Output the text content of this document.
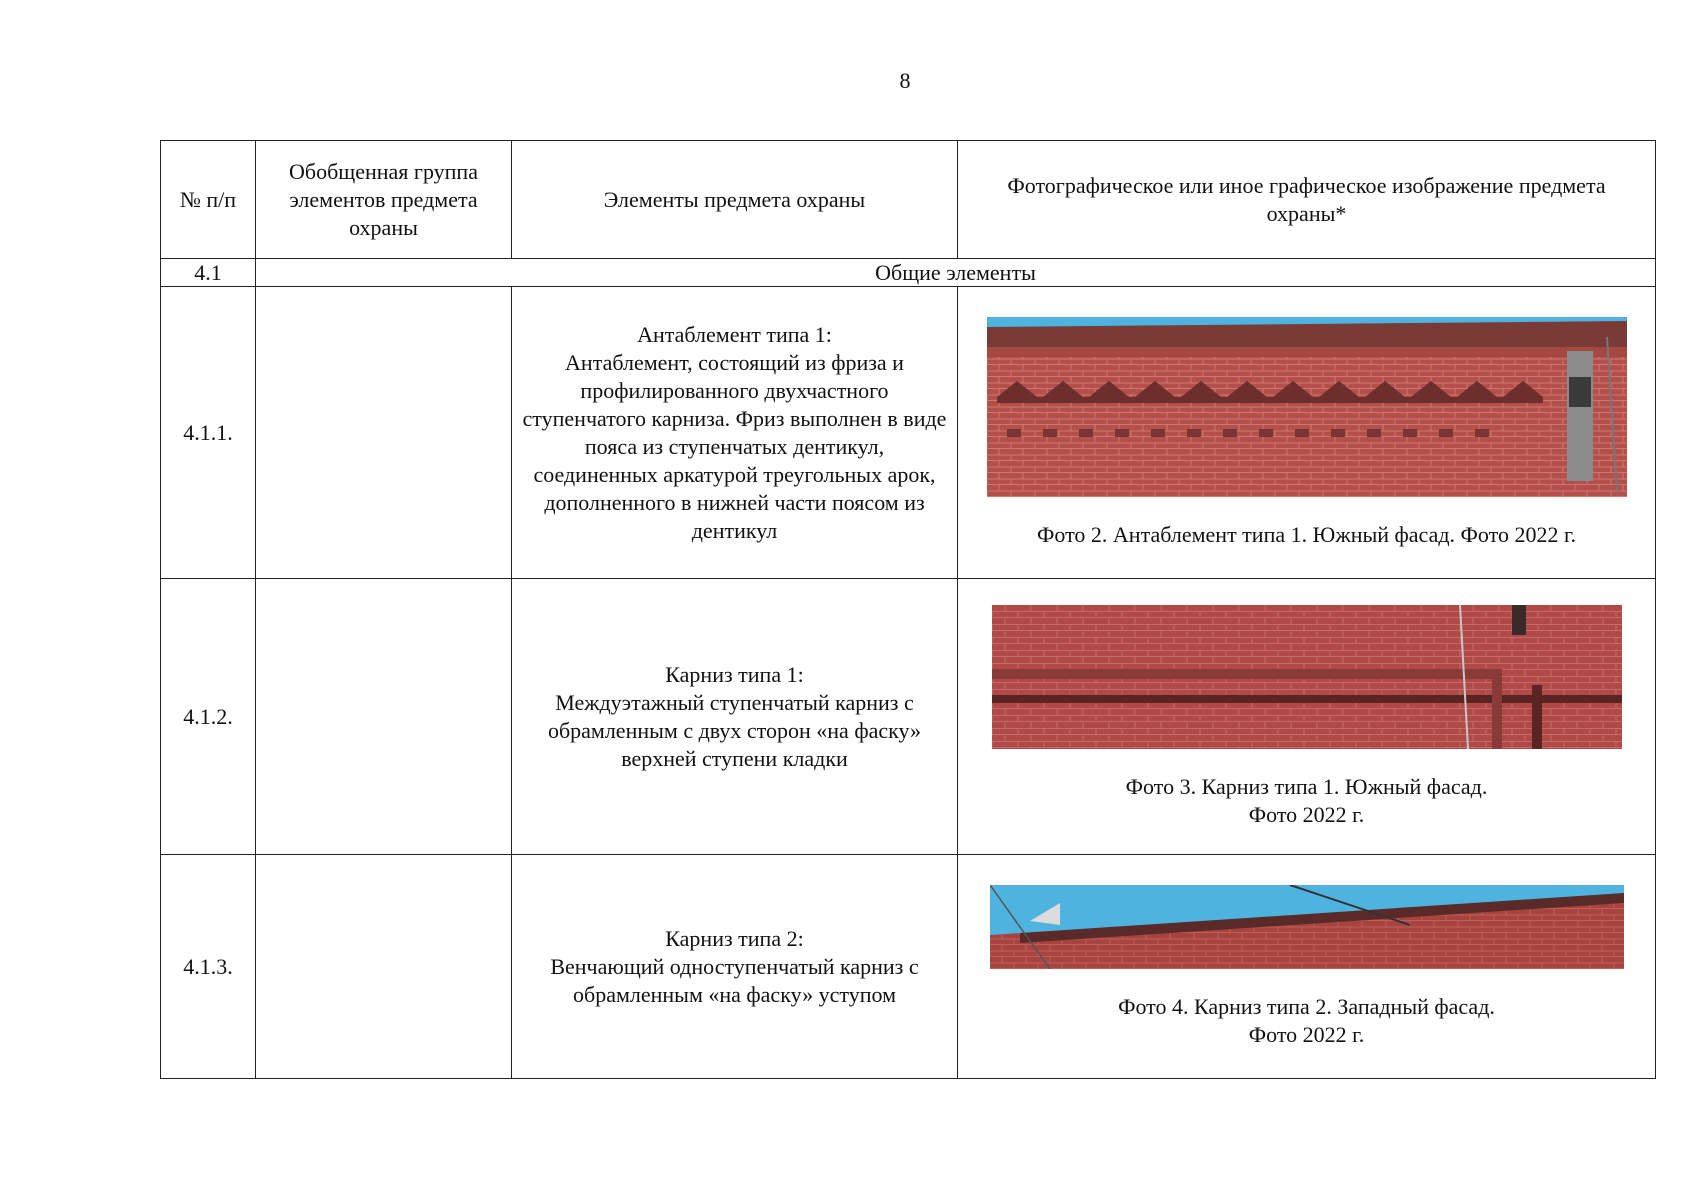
8
№ п/п	Обобщенная группа элементов предмета охраны	Элементы предмета охраны	Фотографическое или иное графическое изображение предмета охраны*
4.1	Общие элементы		
4.1.1.		Антаблемент типа 1:
Антаблемент, состоящий из фриза и профилированного двухчастного ступенчатого карниза. Фриз выполнен в виде пояса из ступенчатых дентикул, соединенных аркатурой треугольных арок, дополненного в нижней части поясом из дентикул	Фото 2. Антаблемент типа 1. Южный фасад. Фото 2022 г.

4.1.2.		Карниз типа 1:
Междуэтажный ступенчатый карниз с обрамленным с двух сторон «на фаску» верхней ступени кладки	Фото 3. Карниз типа 1. Южный фасад.
Фото 2022 г.

4.1.3.		Карниз типа 2:
Венчающий одноступенчатый карниз с обрамленным «на фаску» уступом	Фото 4. Карниз типа 2. Западный фасад.
Фото 2022 г.
